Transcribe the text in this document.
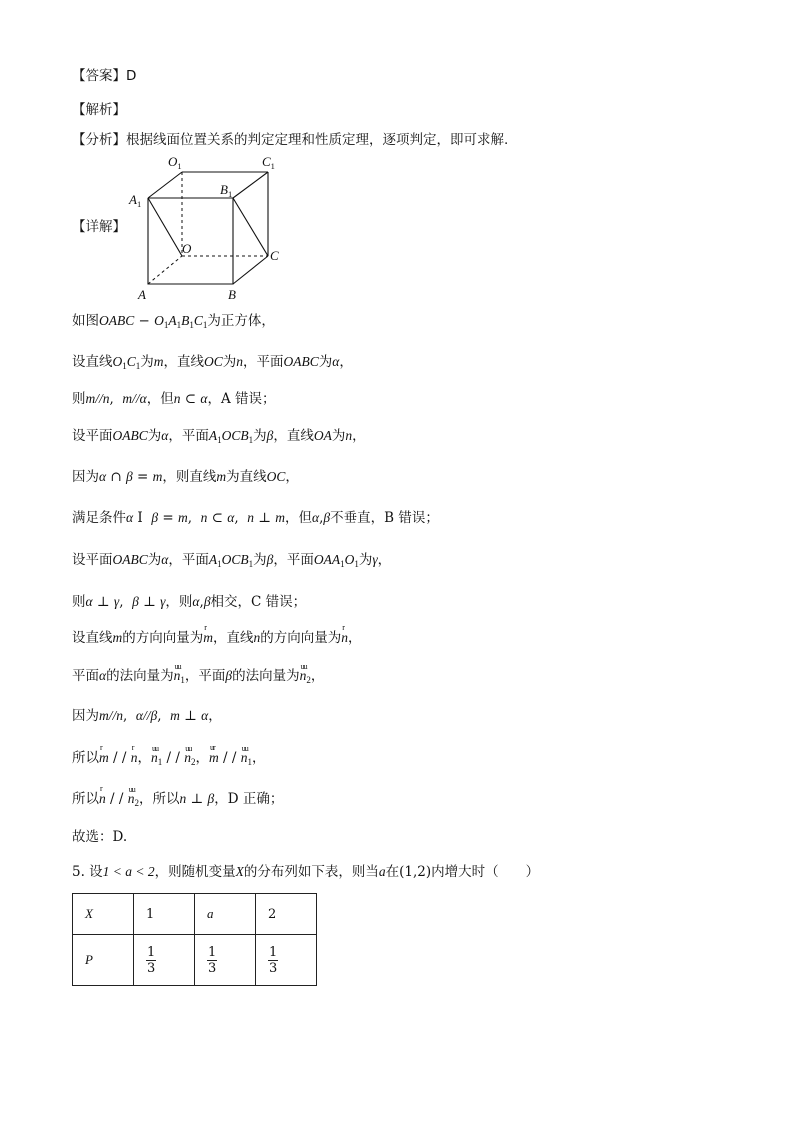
【答案】D
【解析】
【分析】根据线面位置关系的判定定理和性质定理，逐项判定，即可求解.
【详解】
$O_1$	$C_1$
$B_1$
$A_1$
O	C
A	B
如图OABC − $O_1A_1B_1C_1$为正方体，
设直线$O_1C_1$为m，直线OC为n，平面OABC为α，
则m//n,  m//α，但n ⊂ α，A 错误；
设平面OABC为α，平面$A_1OCB_1$为β，直线OA为n，
因为α ∩ β = m，则直线m为直线OC，
满足条件α I  β = m,  n ⊂ α,  n ⊥ m，但α,β不垂直，B 错误；
设平面OABC为α，平面$A_1OCB_1$为β，平面$OAA_1O_1$为γ，
则α ⊥ γ,  β ⊥ γ，则α,β相交，C 错误；
设直线m的方向向量为r m，直线n的方向向量为r n，
平面α的法向量为uu $n_1$，平面β的法向量为uu $n_2$，
因为m//n,  α//β,  m ⊥ α，
所以r m / / r n，uu $n_1$ / / uu $n_2$，ur m / / uu $n_1$，
所以r n / / uu $n_2$，所以n ⊥ β，D 正确；
故选：D.
5. 设1 < a < 2，则随机变量X的分布列如下表，则当a在(1,2)内增大时（　　）
X	1	a	2
P	$\frac{1}{3}$	$\frac{1}{3}$	$\frac{1}{3}$
